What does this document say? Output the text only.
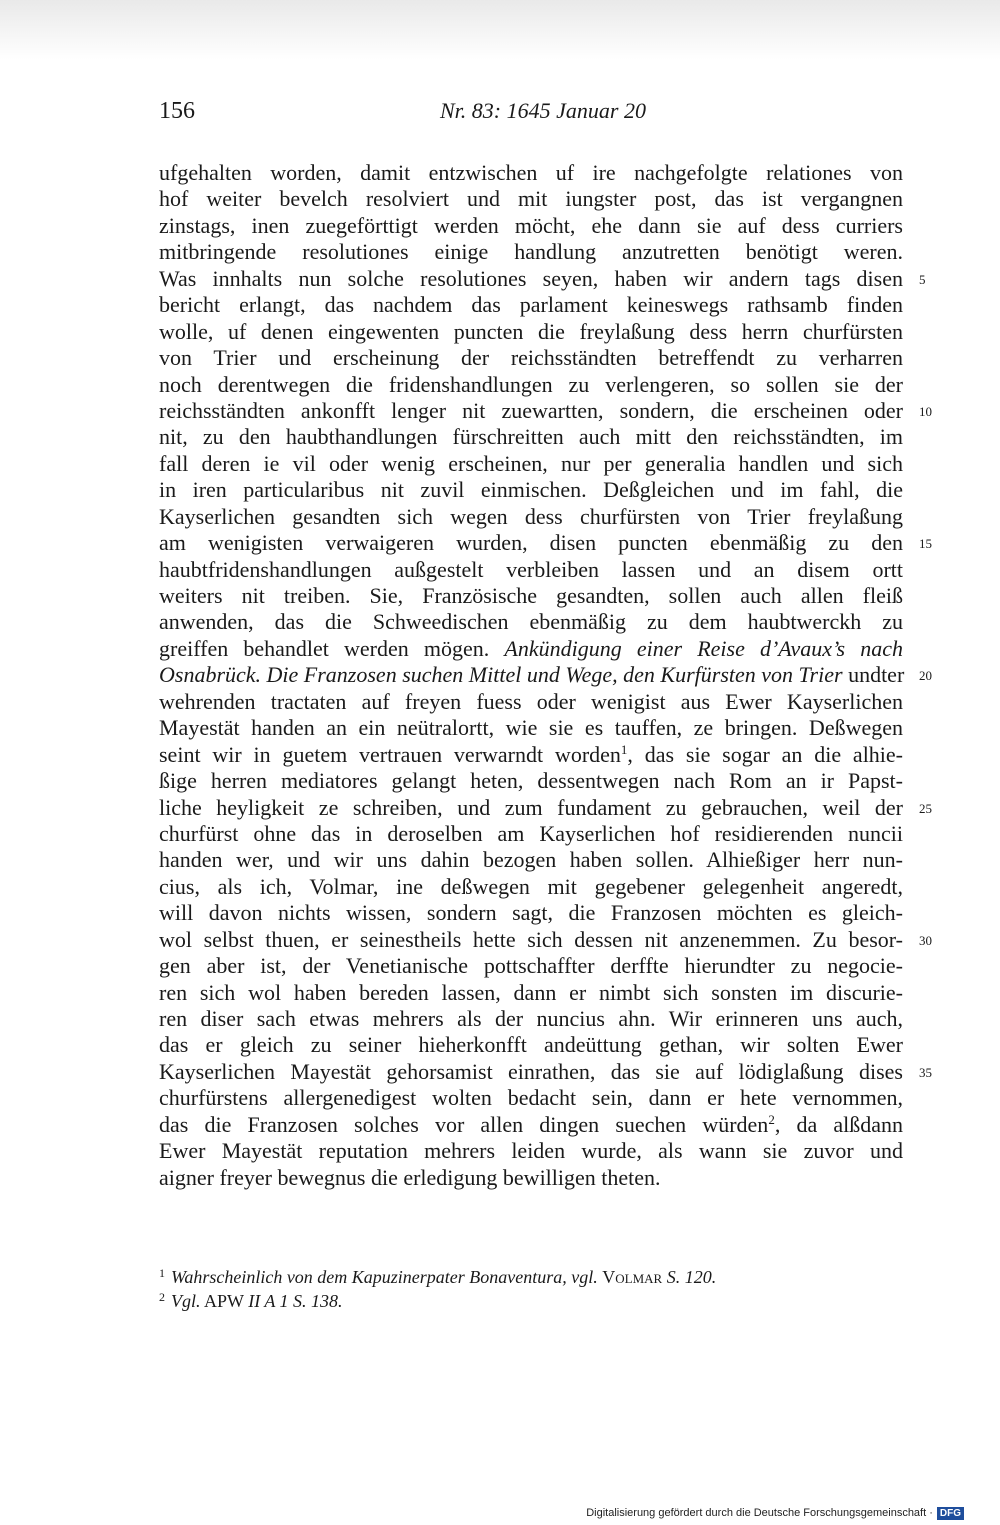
156	Nr. 83: 1645 Januar 20
ufgehalten worden, damit entzwischen uf ire nachgefolgte relationes von
hof weiter bevelch resolviert und mit iungster post, das ist vergangnen
zinstags, inen zuegeförttigt werden möcht, ehe dann sie auf dess curriers
mitbringende resolutiones einige handlung anzutretten benötigt weren.
Was innhalts nun solche resolutiones seyen, haben wir andern tags disen 5
bericht erlangt, das nachdem das parlament keineswegs rathsamb finden
wolle, uf denen eingewenten puncten die freylaßung dess herrn churfürsten
von Trier und erscheinung der reichsständten betreffendt zu verharren
noch derentwegen die fridenshandlungen zu verlengeren, so sollen sie der
reichsständten ankonfft lenger nit zuewartten, sondern, die erscheinen oder 10
nit, zu den haubthandlungen fürschreitten auch mitt den reichsständten, im
fall deren ie vil oder wenig erscheinen, nur per generalia handlen und sich
in iren particularibus nit zuvil einmischen. Deßgleichen und im fahl, die
Kayserlichen gesandten sich wegen dess churfürsten von Trier freylaßung
am wenigisten verwaigeren wurden, disen puncten ebenmäßig zu den 15
haubtfridenshandlungen außgestelt verbleiben lassen und an disem ortt
weiters nit treiben. Sie, Französische gesandten, sollen auch allen fleiß
anwenden, das die Schweedischen ebenmäßig zu dem haubtwerckh zu
greiffen behandlet werden mögen. Ankündigung einer Reise d’Avaux’s nach
Osnabrück. Die Franzosen suchen Mittel und Wege, den Kurfürsten von Trier undter 20
wehrenden tractaten auf freyen fuess oder wenigist aus Ewer Kayserlichen
Mayestät handen an ein neütralortt, wie sie es tauffen, ze bringen. Deßwegen
seint wir in guetem vertrauen verwarndt worden$^1$, das sie sogar an die alhie-
ßige herren mediatores gelangt heten, dessentwegen nach Rom an ir Papst-
liche heyligkeit ze schreiben, und zum fundament zu gebrauchen, weil der 25
churfürst ohne das in deroselben am Kayserlichen hof residierenden nuncii
handen wer, und wir uns dahin bezogen haben sollen. Alhießiger herr nun-
cius, als ich, Volmar, ine deßwegen mit gegebener gelegenheit angeredt,
will davon nichts wissen, sondern sagt, die Franzosen möchten es gleich-
wol selbst thuen, er seinestheils hette sich dessen nit anzenemmen. Zu besor- 30
gen aber ist, der Venetianische pottschaffter derffte hierundter zu negocie-
ren sich wol haben bereden lassen, dann er nimbt sich sonsten im discurie-
ren diser sach etwas mehrers als der nuncius ahn. Wir erinneren uns auch,
das er gleich zu seiner hieherkonfft andeüttung gethan, wir solten Ewer
Kayserlichen Mayestät gehorsamist einrathen, das sie auf lödiglaßung dises 35
churfürstens allergenedigest wolten bedacht sein, dann er hete vernommen,
das die Franzosen solches vor allen dingen suechen würden$^2$, da alßdann
Ewer Mayestät reputation mehrers leiden wurde, als wann sie zuvor und
aigner freyer bewegnus die erledigung bewilligen theten.
$^1$ Wahrscheinlich von dem Kapuzinerpater Bonaventura, vgl. Volmar S. 120.
$^2$ Vgl. APW II A 1 S. 138.
Digitalisierung gefördert durch die Deutsche Forschungsgemeinschaft · DFG
